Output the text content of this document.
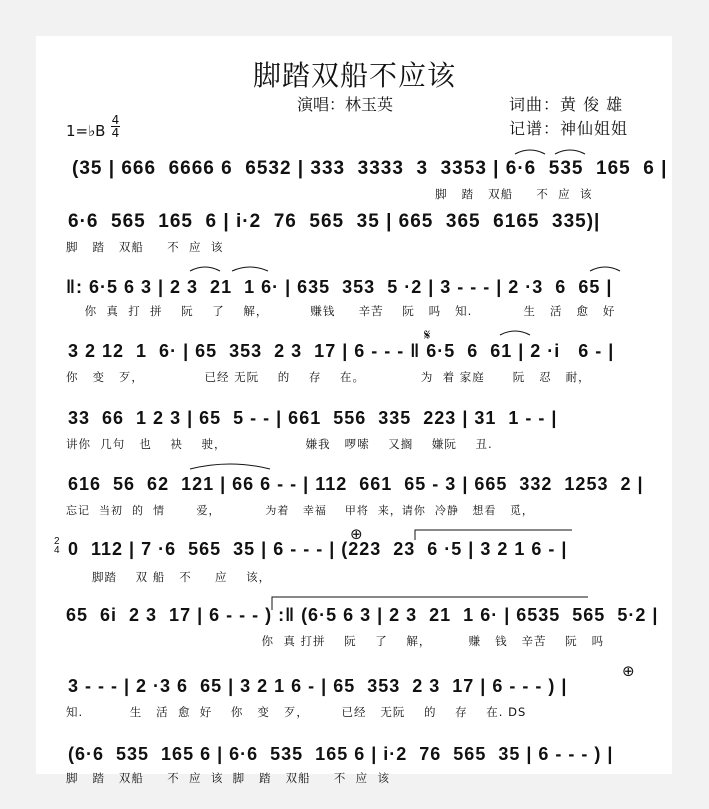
脚踏双船不应该
演唱：林玉英	词曲：黄 俊 雄
记谱：神仙姐姐
1=♭B
4
4
(35 | 666  6666 6  6532 | 333  3333  3  3353 | 6·6  535  165  6 |
脚   踏   双船     不  应  该
6·6  565  165  6 | i·2  76  565  35 | 665  365  6165  335)|
脚   踏   双船     不  应  该
‖: 6·5 6 3 | 2 3  21  1 6· | 635  353  5 ·2 | 3 - - - | 2 ·3  6  65 |
你  真  打  拼    阮    了    解，         赚钱     辛苦    阮   吗   知.           生   活   愈   好
3 2 12  1  6· | 65  353  2 3  17 | 6 - - - ‖ 6·5  6  61 | 2 ·i   6 - |
你   变   歹，             已经 无阮    的    存    在。            为  着 家庭      阮   忍   耐，
𝄋
33  66  1 2 3 | 65  5 - - | 661  556  335  223 | 31  1 - - |
讲你  几句   也    袂    驶，                 嫌我   啰嗦    又搁    嫌阮    丑.
616  56  62  121 | 66 6 - - | 112  661  65 - 3 | 665  332  1253  2 |
忘记  当初  的  情       爱，          为着   幸福    甲将  来，请你  冷静   想看   觅，
0  112 | 7 ·6  565  35 | 6 - - - | (223  23  6 ·5 | 3 2 1 6 - |
脚踏    双 船   不     应    该，
⊕
2
4
65  6i  2 3  17 | 6 - - - ) :‖ (6·5 6 3 | 2 3  21  1 6· | 6535  565  5·2 |
你  真 打拼    阮    了    解，        赚   钱   辛苦    阮   吗
3 - - - | 2 ·3 6  65 | 3 2 1 6 - | 65  353  2 3  17 | 6 - - - ) |
知.          生   活  愈  好    你   变   歹，       已经   无阮    的    存    在. DS
⊕
(6·6  535  165 6 | 6·6  535  165 6 | i·2  76  565  35 | 6 - - - ) |
脚   踏   双船     不  应  该  脚   踏   双船     不  应  该
